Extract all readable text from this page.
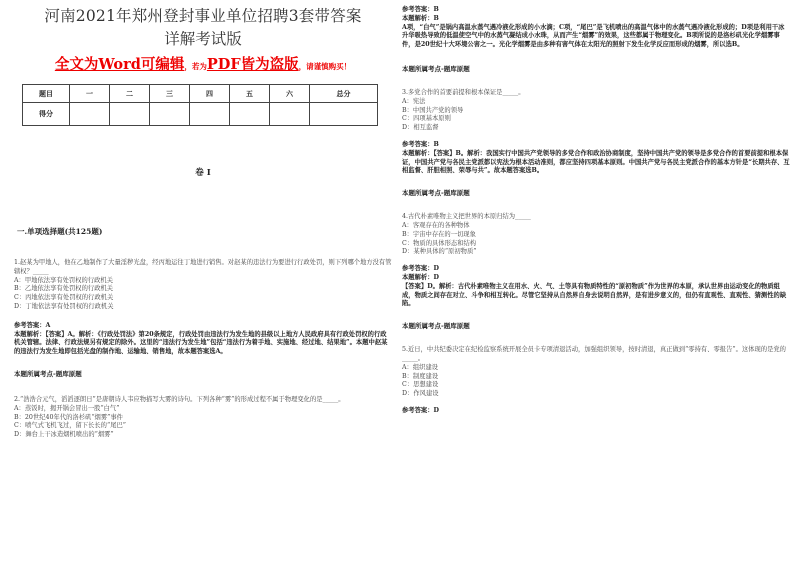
河南2021年郑州登封事业单位招聘3套带答案
详解考试版
全文为Word可编辑，若为PDF皆为盗版，请谨慎购买！
题目	一	二	三	四	五	六	总分
得分							
卷 I
一.单项选择题(共125题)
1.赵某为甲地人，他在乙地制作了大量淫秽光盘，经丙地运往丁地进行销售。对赵某的违法行为要进行行政处罚，则下列哪个地方没有管辖权？_____
A：甲地依法享有处罚权的行政机关
B：乙地依法享有处罚权的行政机关
C：丙地依法享有处罚权的行政机关
D：丁地依法享有处罚权的行政机关
参考答案：A
本题解析：【答案】A。解析：《行政处罚法》第20条规定，行政处罚由违法行为发生地的县级以上地方人民政府具有行政处罚权的行政机关管辖。法律、行政法规另有规定的除外。这里的“违法行为发生地”包括“违法行为着手地、实施地、经过地、结果地”。本题中赵某的违法行为发生地即包括光盘的制作地、运输地、销售地，故本题答案选A。
本题所属考点-题库原题
2.“浩浩合元气，滔滔逐朗日”是唐朝诗人韦应物描写大雾的诗句。下列各种“雾”的形成过程不属于物理变化的是_____。
A：蒸饭时，揭开锅会冒出一股“白气”
B：20世纪40年代的洛杉矶“烟雾”事件
C：喷气式飞机飞过，留下长长的“尾巴”
D：舞台上干冰造烟机喷出的“烟雾”
参考答案：B
本题解析：B
A项，“白气”是锅内高温水蒸气遇冷液化形成的小水滴；C项，“尾巴”是飞机喷出的高温气体中的水蒸气遇冷液化形成的；D项是利用干冰升华吸热导致的低温使空气中的水蒸气凝结成小水珠，从而产生“烟雾”的效果，这些都属于物理变化。B项所说的是洛杉矶光化学烟雾事件，是20世纪十大环境公害之一。光化学烟雾是由多种有害气体在太阳光的照射下发生化学反应而形成的烟雾，所以选B。
本题所属考点-题库原题
3.多党合作的首要前提和根本保证是_____。
A：宪法
B：中国共产党的领导
C：四项基本原则
D：相互监督
参考答案：B
本题解析：【答案】B。解析：我国实行中国共产党领导的多党合作和政治协商制度，坚持中国共产党的领导是多党合作的首要前提和根本保证，中国共产党与各民主党派都以宪法为根本活动准则，都应坚持四项基本原则。中国共产党与各民主党派合作的基本方针是“长期共存、互相监督、肝胆相照、荣辱与共”。故本题答案选B。
本题所属考点-题库原题
4.古代朴素唯物主义把世界的本原归结为_____
A：客观存在的各种物体
B：宇宙中存在的一切现象
C：物质的具体形态和结构
D：某种具体的“原初物质”
参考答案：D
本题解析：D
【答案】D。解析：古代朴素唯物主义在用水、火、气、土等具有物质特性的“原初物质”作为世界的本原，承认世界由运动变化的物质组成，物质之间存在对立、斗争和相互转化。尽管它坚持从自然界自身去说明自然界，是有进步意义的，但仍有直观性、直观性、猜测性的缺陷。
本题所属考点-题库原题
5.近日，中共纪委决定在纪检监察系统开展全员卡专项清退活动，加强组织领导，按时清退，真正做到“零持有、零报告”。这体现的是党的_____。
A：组织建设
B：制度建设
C：思想建设
D：作风建设
参考答案：D
